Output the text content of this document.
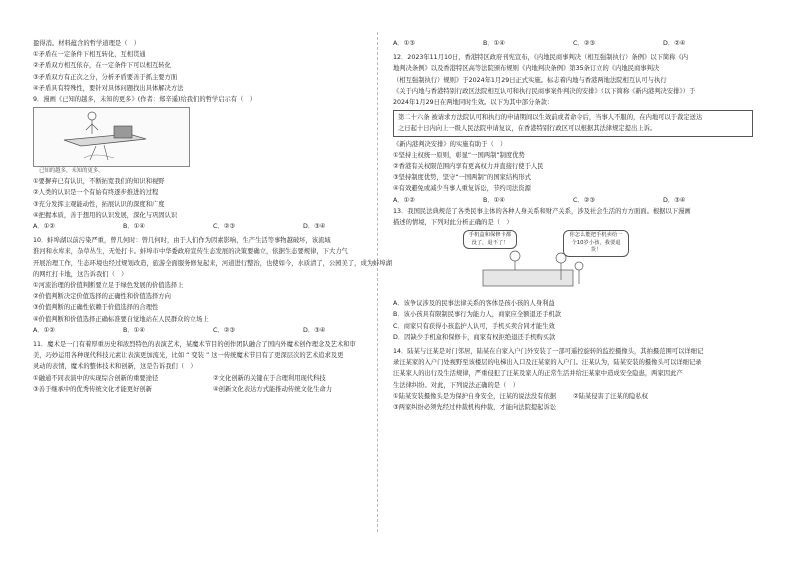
盈得消。材料蕴含的哲学道理是（　）
①矛盾在一定条件下相互转化，互相贯通
②矛盾双方相互依存，在一定条件下可以相互转化
③矛盾双方有正次之分，分析矛盾要善于抓主要方面
④矛盾具有特殊性，要针对具体问题找出具体解决方法
9．漫画《已知的越多，未知的更多》(作者：郑辛遥)给我们的哲学启示有（　）
已知的越多，未知的更多。
①要摒弃已有认识，不断拓宽我们的知识和视野
②人类的认识是一个有始有终逐步推进的过程
③充分发挥主观能动性，拓展认识的深度和广度
④把握本质，善于想用的认识发展，深化与巩固认识
A．①②	B．①④	C．②③	D．③④
10．蚌埠湖以前污染严重，曾几何时：曾几何时，由于人们作为因素影响，生产生活等事物越破坏，该流域
淮河和水库来，杂草丛生，无处打卡。蚌埠市中华委政府宣传生态发展的决策要确立，依据生态要规律，下大力气
开展治理工作，生态环境也经过规划改造，旅游全面服务修复起来，河道进行整治，也使如今，水质清了，公园美了，成为蚌埠湖
的网红打卡地，这告诉我们（　）
①河流治理的价值判断要立足于绿色发展的价值选择上
②价值判断决定价值选择的正确性和价值选择方向
③价值判断的正确性依赖于价值选择的合理性
④价值判断和价值选择正确标准要自觉地站在人民群众的立场上
A．①②	B．①④	C．②③	D．③④
11．魔术是一门有着厚重历史和浓烈特色的表演艺术，某魔术节目的创作团队融合了国内外魔术创作理念及艺术和审
美，巧妙运用各种现代科技元素让表演更加流光，比如 “ 变装 ” 这一传统魔术节目有了更深层次的艺术追求及更
灵动的表情，魔术的整体技术和创新，这是告诉我们（　）
①融通不同表演中的实现综合创新的重要途径	②文化创新的关键在于合理利用现代科技
③善于继承中的优秀传统文化才能更好创新	④创新文化表达方式能推动传统文化生命力
A．①③	B．①④	C．②③	D．②④
12．2023年11月10日，香港特区政府刊宪宣布，《内地民商事判决（相互强制执行）条例》以下简称《内
地判决条例》以及香港特区高等法院颁布规则《内地判决条例》第35条订立的《内地民商事判决
（相互强制执行）规则》于2024年1月29日正式实施。标志着内地与香港两地法院相互认可与执行
《关于内地与香港特别行政区法院相互认可和执行民商事案件判决的安排》（以下简称《新内港判决安排》）于
2024年1月29日在两地同时生效。以下为其中部分条款：
第二十六条 被请求方法院认可和执行的申请期间以生效前或者命令后，当事人不服的，在内地可以于裁定送达
之日起十日内向上一级人民法院申请复议，在香港特别行政区可以根据其法律规定提出上诉。
《新内港判决安排》的实施有助于（　）
①坚持主权统一原则，彰显“一国两制”制度优势
②香港有关权限范围内享有更高权力并直接行使于人民
③坚持制度优势，坚守“一国两制”的国家结构形式
④有效避免或减少当事人重复诉讼，节约司法资源
A．①②	B．①④	C．②③	D．③④
13．我国民法典规范了各类民事主体的各种人身关系和财产关系，涉及社会生活的方方面面。根据以下漫画
描述的情境，下列对此分析正确的是（　）
手机盒和保修卡都没了，退不了！
你怎么能把手机卖给一个10岁小孩，我要退货！
A．该争议涉及的民事法律关系的客体是孩小孩的人身利益
B．该小孩具有限制民事行为能力人，商家应全额退还手机款
C．商家只有获得小孩监护人认可，手机买卖合同才能生效
D．因缺少手机盒和保修卡，商家有权拒绝退还手机购买款
14．陆某与汪某是对门邻居，陆某在自家入户门外安装了一部可遥控旋转的监控摄像头，其拍摄范围可以详细记
录汪某家的入户门处视野至该楼层的电梯出入口及汪某家的入户门。汪某认为，陆某安装的摄像头可以详细记录
汪某家人的出行及生活规律，严重侵犯了汪某及家人的正常生活并给汪某家中造成安全隐患，两家因此产
生法律纠纷。对此，下列说法正确的是（　）
①陆某安装摄像头是为保护自身安全，汪某的说法没有依据	②陆某侵害了汪某的隐私权
③两家纠纷必须先经过仲裁机构仲裁，才能向法院提起诉讼
